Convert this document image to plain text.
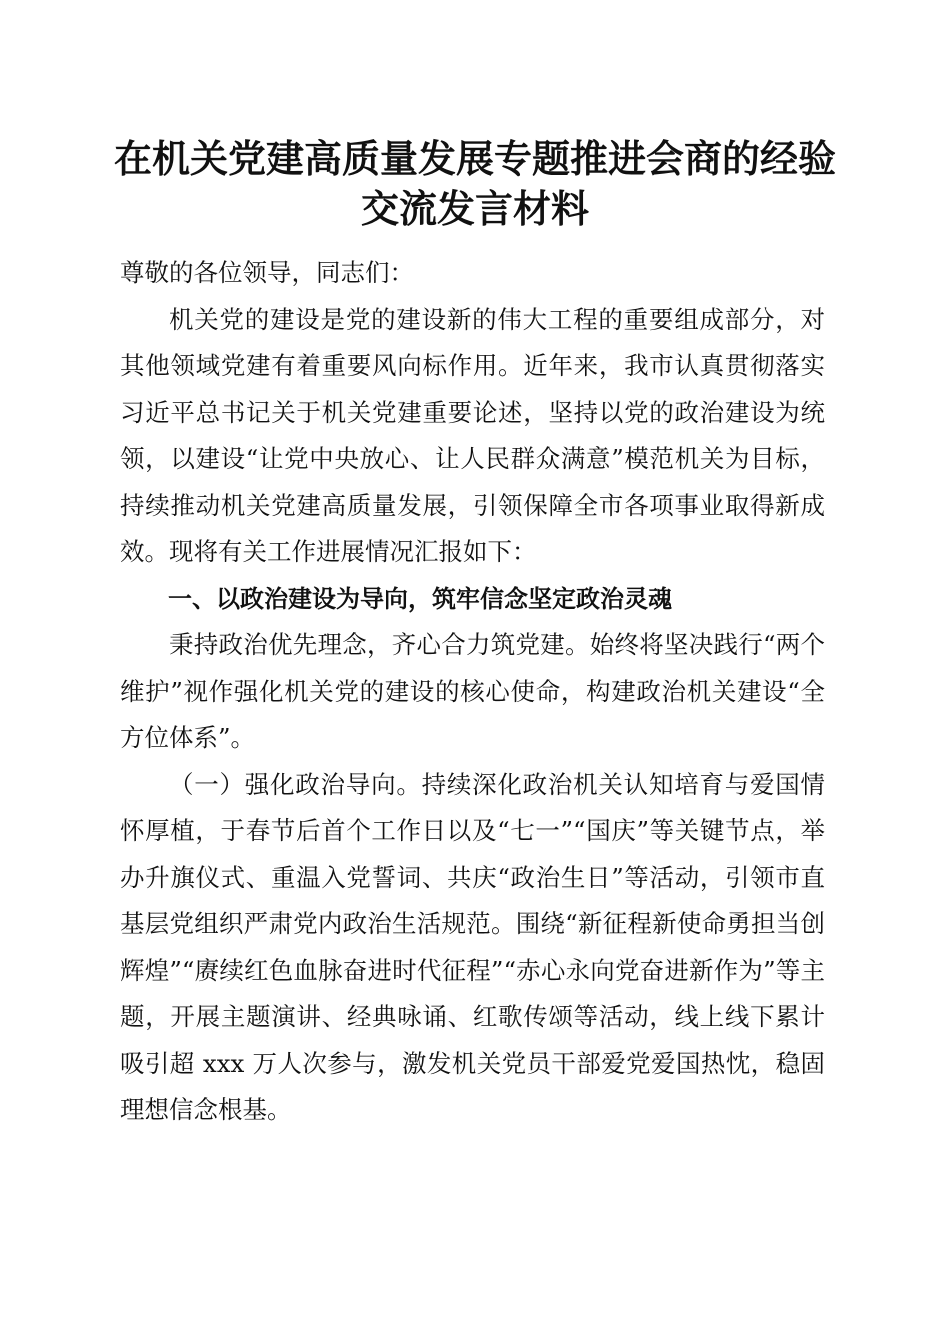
在机关党建高质量发展专题推进会商的经验交流发言材料

尊敬的各位领导，同志们：

机关党的建设是党的建设新的伟大工程的重要组成部分，对其他领域党建有着重要风向标作用。近年来，我市认真贯彻落实习近平总书记关于机关党建重要论述，坚持以党的政治建设为统领，以建设“让党中央放心、让人民群众满意”模范机关为目标，持续推动机关党建高质量发展，引领保障全市各项事业取得新成效。现将有关工作进展情况汇报如下：

一、以政治建设为导向，筑牢信念坚定政治灵魂

秉持政治优先理念，齐心合力筑党建。始终将坚决践行“两个维护”视作强化机关党的建设的核心使命，构建政治机关建设“全方位体系”。

（一）强化政治导向。持续深化政治机关认知培育与爱国情怀厚植，于春节后首个工作日以及“七一”“国庆”等关键节点，举办升旗仪式、重温入党誓词、共庆“政治生日”等活动，引领市直基层党组织严肃党内政治生活规范。围绕“新征程新使命勇担当创辉煌”“赓续红色血脉奋进时代征程”“赤心永向党奋进新作为”等主题，开展主题演讲、经典咏诵、红歌传颂等活动，线上线下累计吸引超 xxx 万人次参与，激发机关党员干部爱党爱国热忱，稳固理想信念根基。
